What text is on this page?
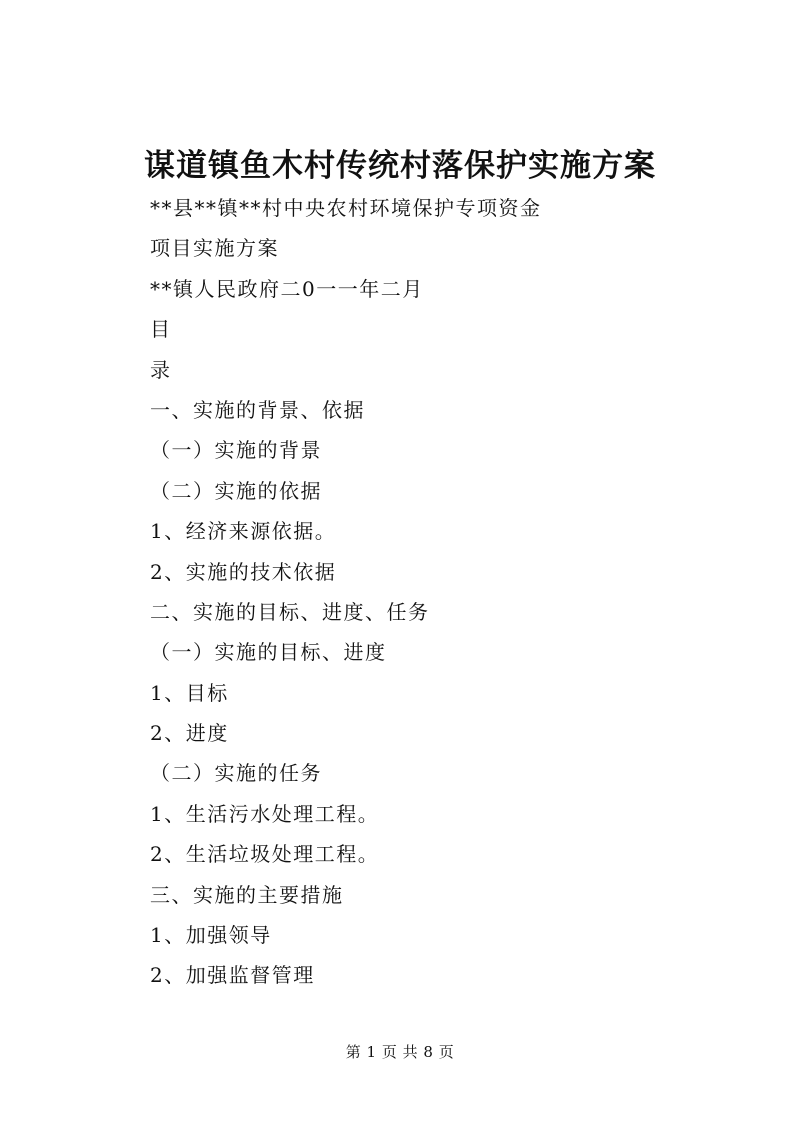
谋道镇鱼木村传统村落保护实施方案
**县**镇**村中央农村环境保护专项资金
项目实施方案
**镇人民政府二0一一年二月
目
录
一、实施的背景、依据
（一）实施的背景
（二）实施的依据
1、经济来源依据。
2、实施的技术依据
二、实施的目标、进度、任务
（一）实施的目标、进度
1、目标
2、进度
（二）实施的任务
1、生活污水处理工程。
2、生活垃圾处理工程。
三、实施的主要措施
1、加强领导
2、加强监督管理
第 1 页 共 8 页
